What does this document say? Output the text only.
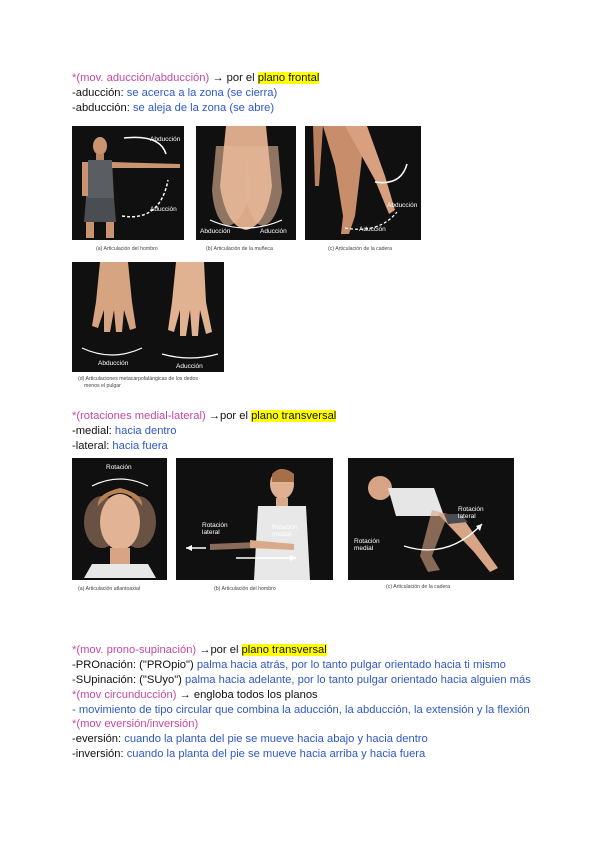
*(mov. aducción/abducción) → por el plano frontal
-aducción: se acerca a la zona (se cierra)
-abducción: se aleja de la zona (se abre)
Abducción
Aducción
(a) Articulación del hombro
Abducción	Aducción
(b) Articulación de la muñeca
Abducción
Aducción
(c) Articulación de la cadera
Abducción	Aducción
(d) Articulaciones metacarpofalángicas de los dedos
menos el pulgar
*(rotaciones medial-lateral) →por el plano transversal
-medial: hacia dentro
-lateral: hacia fuera
Rotación
(a) Articulación atlantoaxial
Rotación
lateral
Rotación
medial
(b) Articulación del hombro
Rotación
lateral
Rotación
medial
(c) Articulación de la cadera
*(mov. prono-supinación) →por el plano transversal
-PROnación: ("PROpio") palma hacia atrás, por lo tanto pulgar orientado hacia ti mismo
-SUpinación: ("SUyo") palma hacia adelante, por lo tanto pulgar orientado hacia alguien más
*(mov circunducción) → engloba todos los planos
- movimiento de tipo circular que combina la aducción, la abducción, la extensión y la flexión
*(mov eversión/inversión)
-eversión: cuando la planta del pie se mueve hacia abajo y hacia dentro
-inversión: cuando la planta del pie se mueve hacia arriba y hacia fuera
